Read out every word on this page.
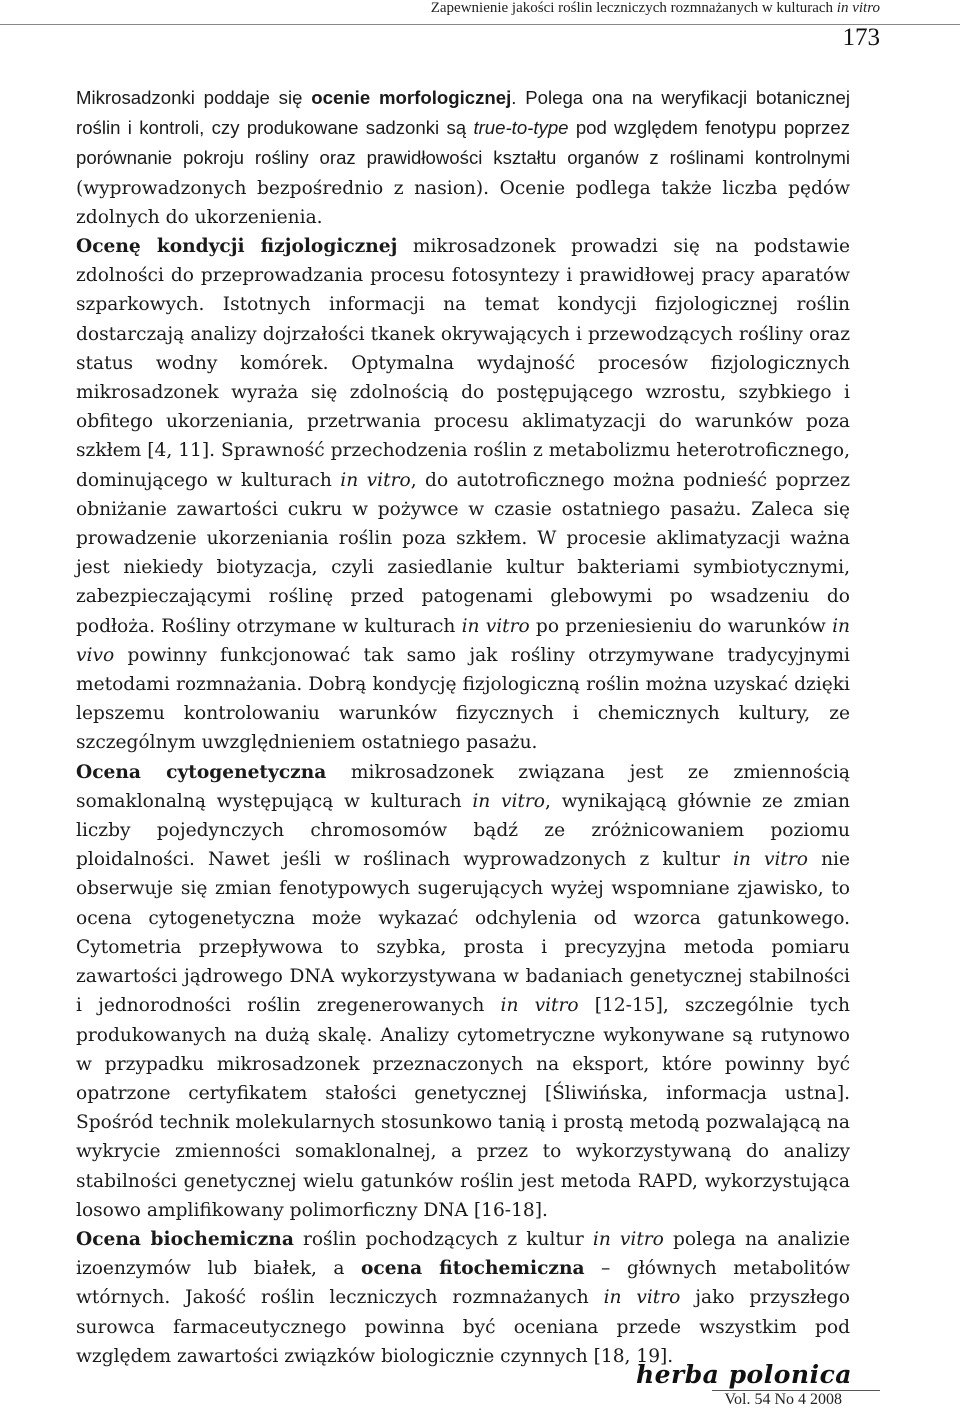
Zapewnienie jakości roślin leczniczych rozmnażanych w kulturach in vitro
173

Mikrosadzonki poddaje się ocenie morfologicznej. Polega ona na weryfikacji botanicznej roślin i kontroli, czy produkowane sadzonki są true-to-type pod względem fenotypu poprzez porównanie pokroju rośliny oraz prawidłowości kształtu organów z roślinami kontrolnymi (wyprowadzonych bezpośrednio z nasion). Ocenie podlega także liczba pędów zdolnych do ukorzenienia.

Ocenę kondycji fizjologicznej mikrosadzonek prowadzi się na podstawie zdolności do przeprowadzania procesu fotosyntezy i prawidłowej pracy aparatów szparkowych. Istotnych informacji na temat kondycji fizjologicznej roślin dostarczają analizy dojrzałości tkanek okrywających i przewodzących rośliny oraz status wodny komórek. Optymalna wydajność procesów fizjologicznych mikrosadzonek wyraża się zdolnością do postępującego wzrostu, szybkiego i obfitego ukorzeniania, przetrwania procesu aklimatyzacji do warunków poza szkłem [4, 11]. Sprawność przechodzenia roślin z metabolizmu heterotroficznego, dominującego w kulturach in vitro, do autotroficznego można podnieść poprzez obniżanie zawartości cukru w pożywce w czasie ostatniego pasażu. Zaleca się prowadzenie ukorzeniania roślin poza szkłem. W procesie aklimatyzacji ważna jest niekiedy biotyzacja, czyli zasiedlanie kultur bakteriami symbiotycznymi, zabezpieczającymi roślinę przed patogenami glebowymi po wsadzeniu do podłoża. Rośliny otrzymane w kulturach in vitro po przeniesieniu do warunków in vivo powinny funkcjonować tak samo jak rośliny otrzymywane tradycyjnymi metodami rozmnażania. Dobrą kondycję fizjologiczną roślin można uzyskać dzięki lepszemu kontrolowaniu warunków fizycznych i chemicznych kultury, ze szczególnym uwzględnieniem ostatniego pasażu.

Ocena cytogenetyczna mikrosadzonek związana jest ze zmiennością somaklonalną występującą w kulturach in vitro, wynikającą głównie ze zmian liczby pojedynczych chromosomów bądź ze zróżnicowaniem poziomu ploidalności. Nawet jeśli w roślinach wyprowadzonych z kultur in vitro nie obserwuje się zmian fenotypowych sugerujących wyżej wspomniane zjawisko, to ocena cytogenetyczna może wykazać odchylenia od wzorca gatunkowego. Cytometria przepływowa to szybka, prosta i precyzyjna metoda pomiaru zawartości jądrowego DNA wykorzystywana w badaniach genetycznej stabilności i jednorodności roślin zregenerowanych in vitro [12-15], szczególnie tych produkowanych na dużą skalę. Analizy cytometryczne wykonywane są rutynowo w przypadku mikrosadzonek przeznaczonych na eksport, które powinny być opatrzone certyfikatem stałości genetycznej [Śliwińska, informacja ustna]. Spośród technik molekularnych stosunkowo tanią i prostą metodą pozwalającą na wykrycie zmienności somaklonalnej, a przez to wykorzystywaną do analizy stabilności genetycznej wielu gatunków roślin jest metoda RAPD, wykorzystująca losowo amplifikowany polimorficzny DNA [16-18].

Ocena biochemiczna roślin pochodzących z kultur in vitro polega na analizie izoenzymów lub białek, a ocena fitochemiczna – głównych metabolitów wtórnych. Jakość roślin leczniczych rozmnażanych in vitro jako przyszłego surowca farmaceutycznego powinna być oceniana przede wszystkim pod względem zawartości związków biologicznie czynnych [18, 19].

herba polonica
Vol. 54 No 4 2008
